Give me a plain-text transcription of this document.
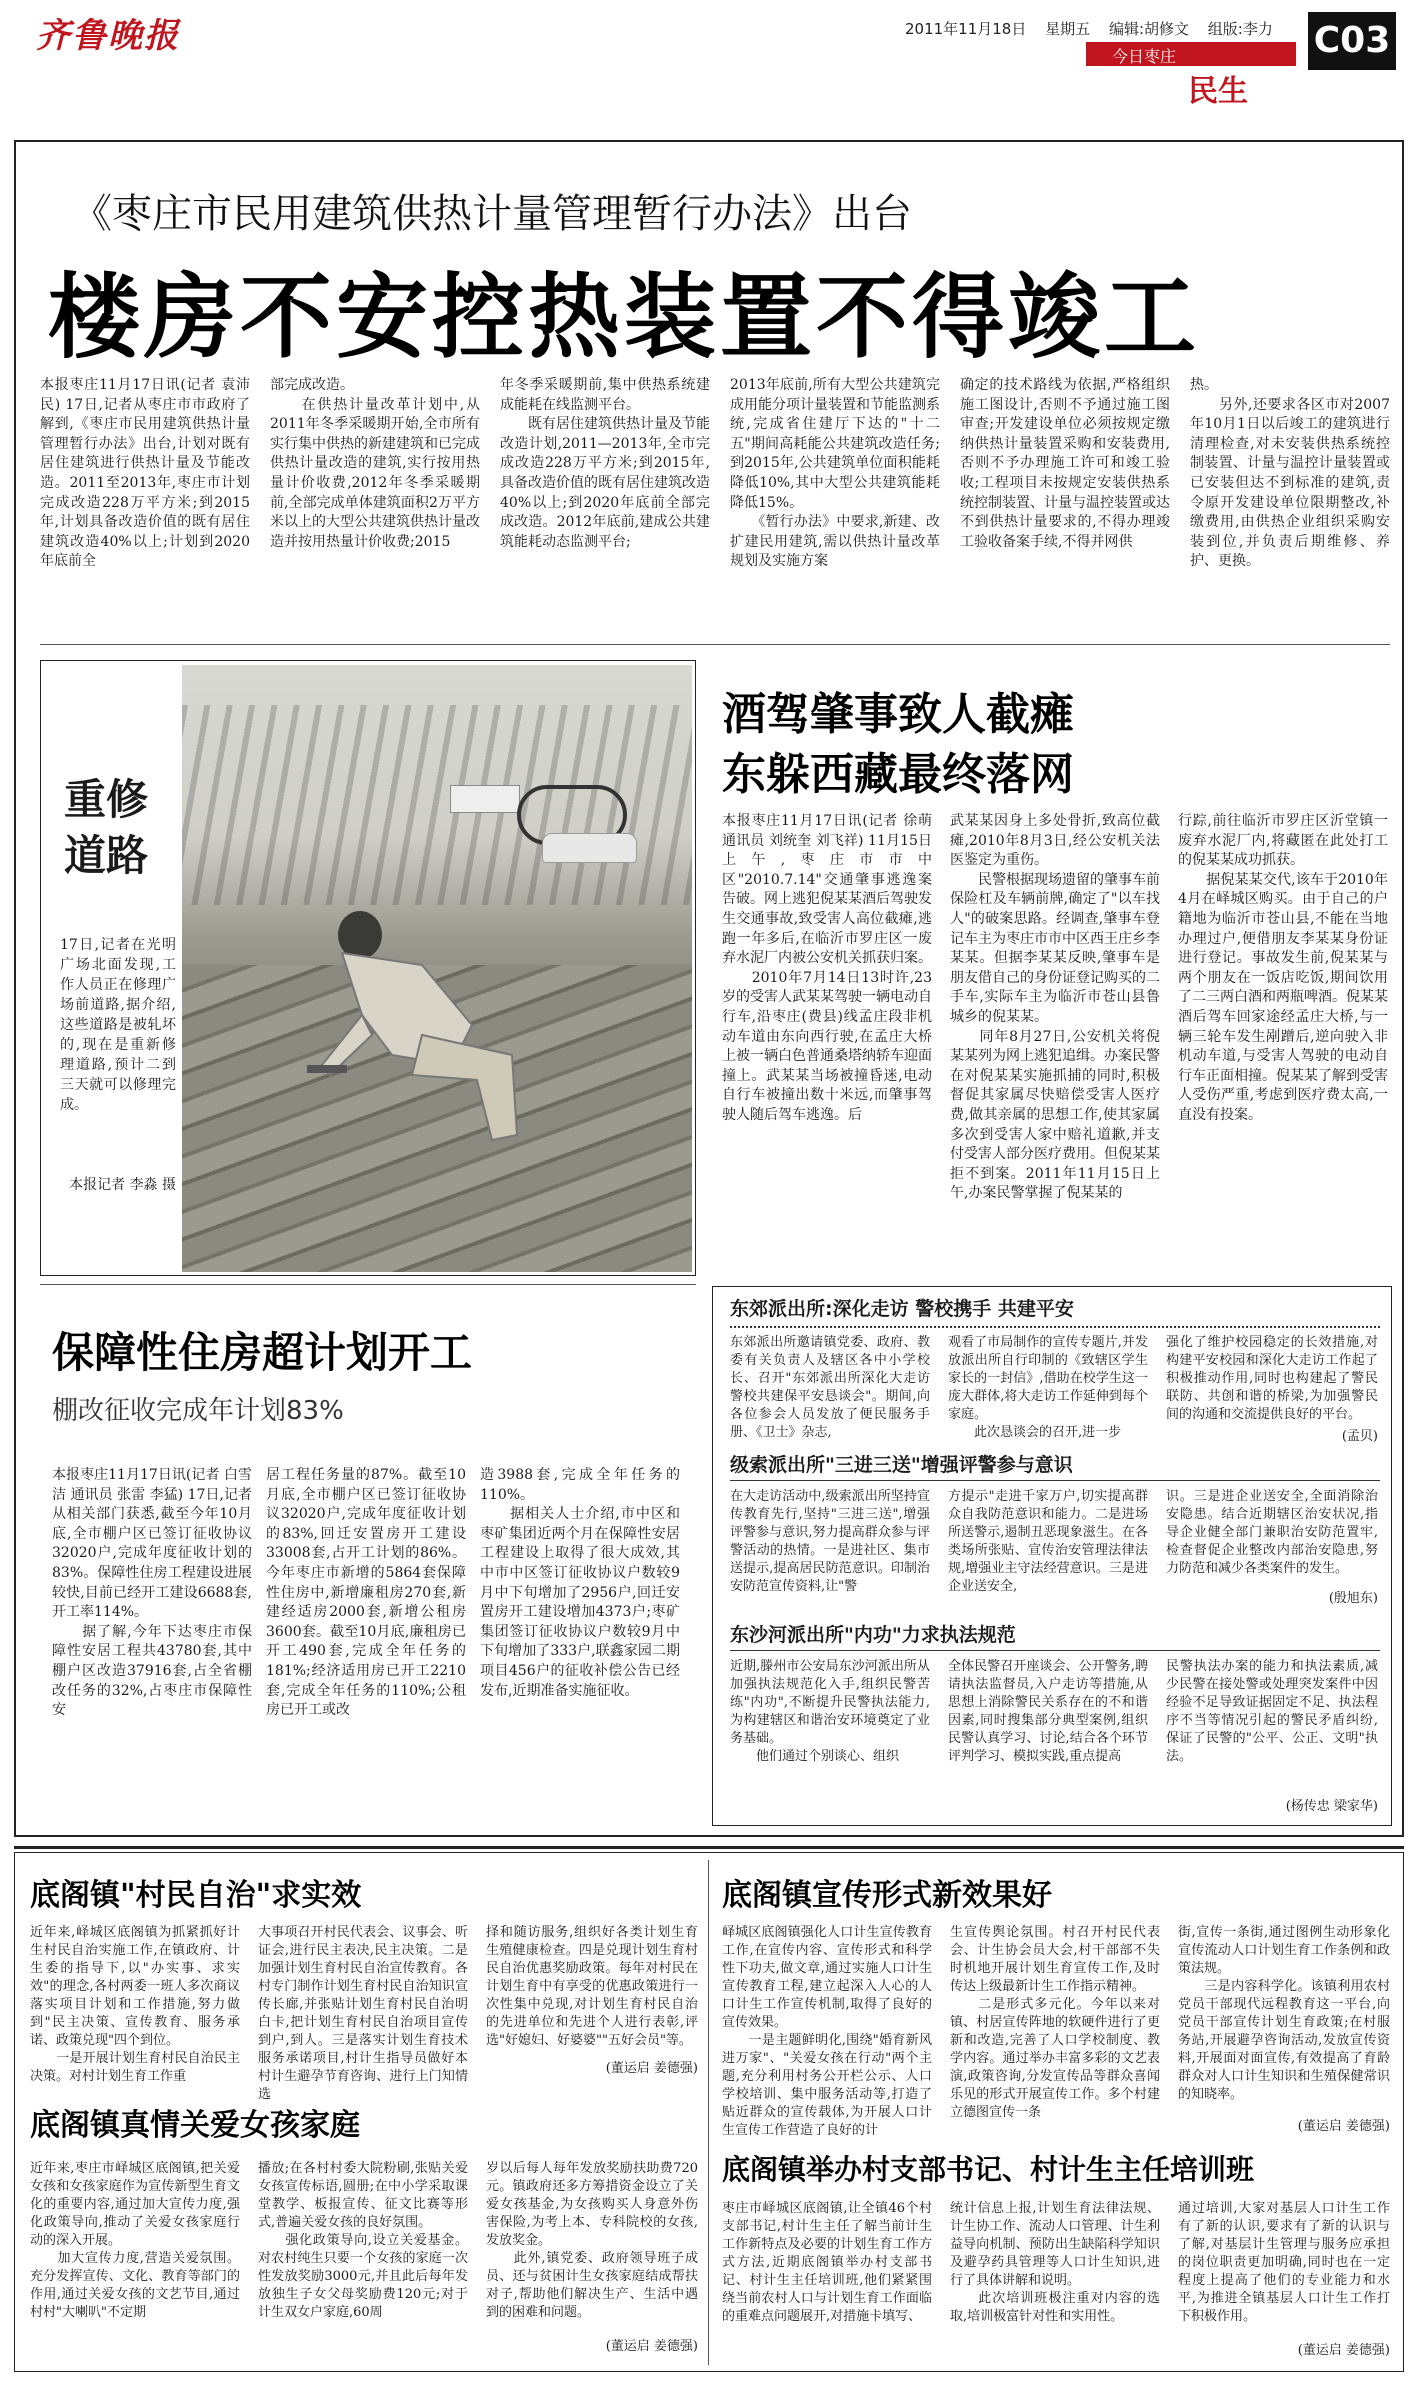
齐鲁晚报	2011年11月18日 星期五 编辑:胡修文 组版:李力
今日枣庄
民生
C03
《枣庄市民用建筑供热计量管理暂行办法》出台
楼房不安控热装置不得竣工
本报枣庄11月17日讯(记者 袁沛民) 17日,记者从枣庄市市政府了解到,《枣庄市民用建筑供热计量管理暂行办法》出台,计划对既有居住建筑进行供热计量及节能改造。2011至2013年,枣庄市计划完成改造228万平方米;到2015年,计划具备改造价值的既有居住建筑改造40%以上;计划到2020年底前全
部完成改造。
　　在供热计量改革计划中,从2011年冬季采暖期开始,全市所有实行集中供热的新建建筑和已完成供热计量改造的建筑,实行按用热量计价收费,2012年冬季采暖期前,全部完成单体建筑面积2万平方米以上的大型公共建筑供热计量改造并按用热量计价收费;2015
年冬季采暖期前,集中供热系统建成能耗在线监测平台。
　　既有居住建筑供热计量及节能改造计划,2011—2013年,全市完成改造228万平方米;到2015年,具备改造价值的既有居住建筑改造40%以上;到2020年底前全部完成改造。2012年底前,建成公共建筑能耗动态监测平台;
2013年底前,所有大型公共建筑完成用能分项计量装置和节能监测系统,完成省住建厅下达的"十二五"期间高耗能公共建筑改造任务;到2015年,公共建筑单位面积能耗降低10%,其中大型公共建筑能耗降低15%。
　　《暂行办法》中要求,新建、改扩建民用建筑,需以供热计量改革规划及实施方案
确定的技术路线为依据,严格组织施工图设计,否则不予通过施工图审查;开发建设单位必须按规定缴纳供热计量装置采购和安装费用,否则不予办理施工许可和竣工验收;工程项目未按规定安装供热系统控制装置、计量与温控装置或达不到供热计量要求的,不得办理竣工验收备案手续,不得并网供
热。
　　另外,还要求各区市对2007年10月1日以后竣工的建筑进行清理检查,对未安装供热系统控制装置、计量与温控计量装置或已安装但达不到标准的建筑,责令原开发建设单位限期整改,补缴费用,由供热企业组织采购安装到位,并负责后期维修、养护、更换。
重修道路
17日,记者在光明广场北面发现,工作人员正在修理广场前道路,据介绍,这些道路是被轧坏的,现在是重新修理道路,预计二到三天就可以修理完成。
本报记者 李淼 摄
酒驾肇事致人截瘫
东躲西藏最终落网
本报枣庄11月17日讯(记者 徐萌 通讯员 刘统奎 刘飞祥) 11月15日上午,枣庄市市中区"2010.7.14"交通肇事逃逸案告破。网上逃犯倪某某酒后驾驶发生交通事故,致受害人高位截瘫,逃跑一年多后,在临沂市罗庄区一废弃水泥厂内被公安机关抓获归案。
　　2010年7月14日13时许,23岁的受害人武某某驾驶一辆电动自行车,沿枣庄(费县)线孟庄段非机动车道由东向西行驶,在孟庄大桥上被一辆白色普通桑塔纳轿车迎面撞上。武某某当场被撞昏迷,电动自行车被撞出数十米远,而肇事驾驶人随后驾车逃逸。后
武某某因身上多处骨折,致高位截瘫,2010年8月3日,经公安机关法医鉴定为重伤。
　　民警根据现场遗留的肇事车前保险杠及车辆前牌,确定了"以车找人"的破案思路。经调查,肇事车登记车主为枣庄市市中区西王庄乡李某某。但据李某某反映,肇事车是朋友借自己的身份证登记购买的二手车,实际车主为临沂市苍山县鲁城乡的倪某某。
　　同年8月27日,公安机关将倪某某列为网上逃犯追缉。办案民警在对倪某某实施抓捕的同时,积极督促其家属尽快赔偿受害人医疗费,做其亲属的思想工作,使其家属多次到受害人家中赔礼道歉,并支付受害人部分医疗费用。但倪某某拒不到案。2011年11月15日上午,办案民警掌握了倪某某的
行踪,前往临沂市罗庄区沂堂镇一废弃水泥厂内,将藏匿在此处打工的倪某某成功抓获。
　　据倪某某交代,该车于2010年4月在峄城区购买。由于自己的户籍地为临沂市苍山县,不能在当地办理过户,便借朋友李某某身份证进行登记。事故发生前,倪某某与两个朋友在一饭店吃饭,期间饮用了二三两白酒和两瓶啤酒。倪某某酒后驾车回家途经孟庄大桥,与一辆三轮车发生剐蹭后,逆向驶入非机动车道,与受害人驾驶的电动自行车正面相撞。倪某某了解到受害人受伤严重,考虑到医疗费太高,一直没有投案。
保障性住房超计划开工
棚改征收完成年计划83%
本报枣庄11月17日讯(记者 白雪洁 通讯员 张雷 李猛) 17日,记者从相关部门获悉,截至今年10月底,全市棚户区已签订征收协议32020户,完成年度征收计划的83%。保障性住房工程建设进展较快,目前已经开工建设6688套,开工率114%。
　　据了解,今年下达枣庄市保障性安居工程共43780套,其中棚户区改造37916套,占全省棚改任务的32%,占枣庄市保障性安
居工程任务量的87%。截至10月底,全市棚户区已签订征收协议32020户,完成年度征收计划的83%,回迁安置房开工建设33008套,占开工计划的86%。今年枣庄市新增的5864套保障性住房中,新增廉租房270套,新建经适房2000套,新增公租房3600套。截至10月底,廉租房已开工490套,完成全年任务的181%;经济适用房已开工2210套,完成全年任务的110%;公租房已开工或改
造3988套,完成全年任务的110%。
　　据相关人士介绍,市中区和枣矿集团近两个月在保障性安居工程建设上取得了很大成效,其中市中区签订征收协议户数较9月中下旬增加了2956户,回迁安置房开工建设增加4373户;枣矿集团签订征收协议户数较9月中下旬增加了333户,联鑫家园二期项目456户的征收补偿公告已经发布,近期准备实施征收。
东郊派出所:深化走访 警校携手 共建平安
东郊派出所邀请镇党委、政府、教委有关负责人及辖区各中小学校长、召开"东郊派出所深化大走访警校共建保平安恳谈会"。期间,向各位参会人员发放了便民服务手册、《卫士》杂志,
观看了市局制作的宣传专题片,并发放派出所自行印制的《致辖区学生家长的一封信》,借助在校学生这一庞大群体,将大走访工作延伸到每个家庭。
　　此次恳谈会的召开,进一步
强化了维护校园稳定的长效措施,对构建平安校园和深化大走访工作起了积极推动作用,同时也构建起了警民联防、共创和谐的桥梁,为加强警民间的沟通和交流提供良好的平台。
(孟贝)
级索派出所"三进三送"增强评警参与意识
在大走访活动中,级索派出所坚持宣传教育先行,坚持"三进三送",增强评警参与意识,努力提高群众参与评警活动的热情。一是进社区、集市送提示,提高居民防范意识。印制治安防范宣传资料,让"警
方提示"走进千家万户,切实提高群众自我防范意识和能力。二是进场所送警示,遏制丑恶现象滋生。在各类场所张贴、宣传治安管理法律法规,增强业主守法经营意识。三是进企业送安全,
识。三是进企业送安全,全面消除治安隐患。结合近期辖区治安状况,指导企业健全部门兼职治安防范置牢,检查督促企业整改内部治安隐患,努力防范和减少各类案件的发生。
(殷旭东)
东沙河派出所"内功"力求执法规范
近期,滕州市公安局东沙河派出所从加强执法规范化入手,组织民警苦练"内功",不断提升民警执法能力,为构建辖区和谐治安环境奠定了业务基础。
　　他们通过个别谈心、组织
全体民警召开座谈会、公开警务,聘请执法监督员,入户走访等措施,从思想上消除警民关系存在的不和谐因素,同时搜集部分典型案例,组织民警认真学习、讨论,结合各个环节评判学习、模拟实践,重点提高
民警执法办案的能力和执法素质,减少民警在接处警或处理突发案件中因经验不足导致证据固定不足、执法程序不当等情况引起的警民矛盾纠纷,保证了民警的"公平、公正、文明"执法。
(杨传忠 梁家华)
底阁镇"村民自治"求实效
近年来,峄城区底阁镇为抓紧抓好计生村民自治实施工作,在镇政府、计生委的指导下,以"办实事、求实效"的理念,各村两委一班人多次商议落实项目计划和工作措施,努力做到"民主决策、宣传教育、服务承诺、政策兑现"四个到位。
　　一是开展计划生育村民自治民主决策。对村计划生育工作重
大事项召开村民代表会、议事会、听证会,进行民主表决,民主决策。二是加强计划生育村民自治宣传教育。各村专门制作计划生育村民自治知识宣传长廊,并张贴计划生育村民自治明白卡,把计划生育村民自治项目宣传到户,到人。三是落实计划生育技术服务承诺项目,村计生指导员做好本村计生避孕节育咨询、进行上门知情选
择和随访服务,组织好各类计划生育生殖健康检查。四是兑现计划生育村民自治优惠奖励政策。每年对村民在计划生育中有享受的优惠政策进行一次性集中兑现,对计划生育村民自治的先进单位和先进个人进行表彰,评选"好媳妇、好婆婆""五好会员"等。
(董运启 姜德强)
底阁镇真情关爱女孩家庭
近年来,枣庄市峄城区底阁镇,把关爱女孩和女孩家庭作为宣传新型生育文化的重要内容,通过加大宣传力度,强化政策导向,推动了关爱女孩家庭行动的深入开展。
　　加大宣传力度,营造关爱氛围。充分发挥宣传、文化、教育等部门的作用,通过关爱女孩的文艺节目,通过村村"大喇叭"不定期
播放;在各村村委大院粉刷,张贴关爱女孩宣传标语,圆册;在中小学采取课堂教学、板报宣传、征文比赛等形式,普遍关爱女孩的良好氛围。
　　强化政策导向,设立关爱基金。对农村纯生只要一个女孩的家庭一次性发放奖励3000元,并且此后每年发放独生子女父母奖励费120元;对于计生双女户家庭,60周
岁以后每人每年发放奖励扶助费720元。镇政府还多方筹措资金设立了关爱女孩基金,为女孩购买人身意外伤害保险,为考上本、专科院校的女孩,发放奖金。
　　此外,镇党委、政府领导班子成员、还与贫困计生女孩家庭结成帮扶对子,帮助他们解决生产、生活中遇到的困难和问题。
(董运启 姜德强)
底阁镇宣传形式新效果好
峄城区底阁镇强化人口计生宣传教育工作,在宣传内容、宣传形式和科学性下功夫,做文章,通过实施人口计生宣传教育工程,建立起深入人心的人口计生工作宣传机制,取得了良好的宣传效果。
　　一是主题鲜明化,围绕"婚育新风进万家"、"关爱女孩在行动"两个主题,充分利用村务公开栏公示、人口学校培训、集中服务活动等,打造了贴近群众的宣传载体,为开展人口计生宣传工作营造了良好的计
生宣传舆论氛围。村召开村民代表会、计生协会员大会,村干部部不失时机地开展计划生育宣传工作,及时传达上级最新计生工作指示精神。
　　二是形式多元化。今年以来对镇、村居宣传阵地的软硬件进行了更新和改造,完善了人口学校制度、教学内容。通过举办丰富多彩的文艺表演,政策咨询,分发宣传品等群众喜闻乐见的形式开展宣传工作。多个村建立德图宣传一条
街,宣传一条街,通过图例生动形象化宣传流动人口计划生育工作条例和政策法规。
　　三是内容科学化。该镇利用农村党员干部现代远程教育这一平台,向党员干部宣传计划生育政策;在村服务站,开展避孕咨询活动,发放宣传资料,开展面对面宣传,有效提高了育龄群众对人口计生知识和生殖保健常识的知晓率。
(董运启 姜德强)
底阁镇举办村支部书记、村计生主任培训班
枣庄市峄城区底阁镇,让全镇46个村支部书记,村计生主任了解当前计生工作新特点及必要的计划生育工作方式方法,近期底阁镇举办村支部书记、村计生主任培训班,他们紧紧围绕当前农村人口与计划生育工作面临的重难点问题展开,对措施卡填写、
统计信息上报,计划生育法律法规、计生协工作、流动人口管理、计生利益导向机制、预防出生缺陷科学知识及避孕药具管理等人口计生知识,进行了具体讲解和说明。
　　此次培训班极注重对内容的选取,培训极富针对性和实用性。
通过培训,大家对基层人口计生工作有了新的认识,要求有了新的认识与了解,对基层计生管理与服务应承担的岗位职责更加明确,同时也在一定程度上提高了他们的专业能力和水平,为推进全镇基层人口计生工作打下积极作用。
(董运启 姜德强)
